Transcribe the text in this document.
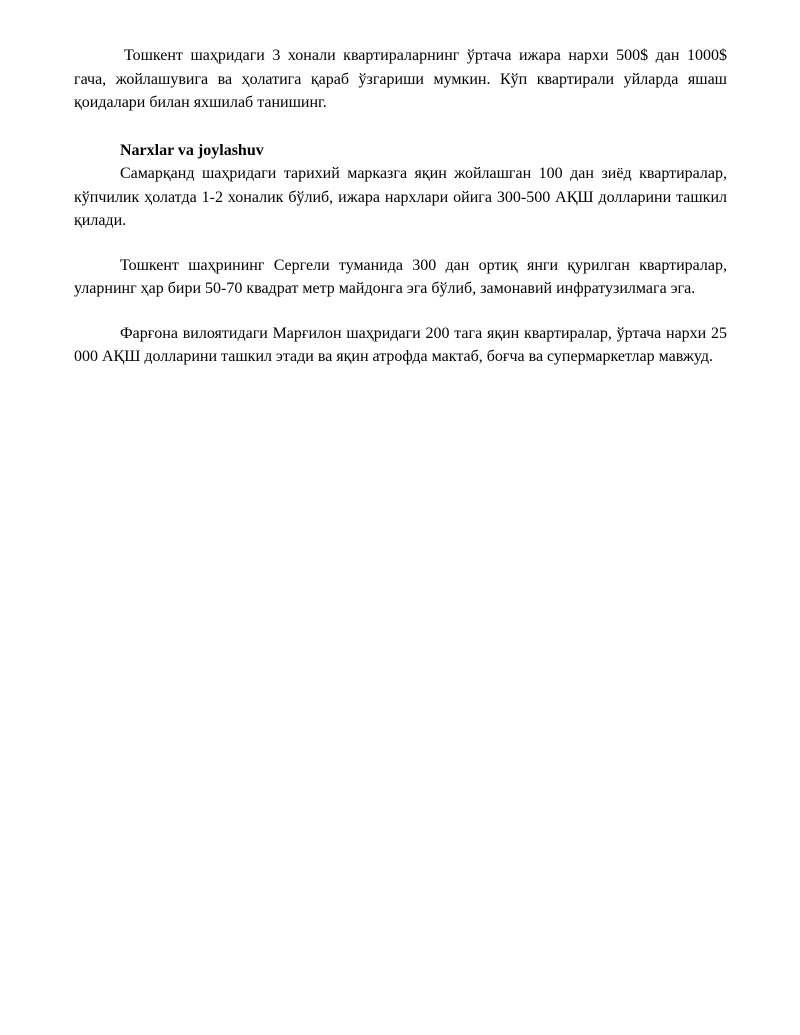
Тошкент шаҳридаги 3 хонали квартираларнинг ўртача ижара нархи 500$ дан 1000$ гача, жойлашувига ва ҳолатига қараб ўзгариши мумкин. Кўп квартирали уйларда яшаш қоидалари билан яхшилаб танишинг.

Narxlar va joylashuv

Самарқанд шаҳридаги тарихий марказга яқин жойлашган 100 дан зиёд квартиралар, кўпчилик ҳолатда 1-2 хоналик бўлиб, ижара нархлари ойига 300-500 АҚШ долларини ташкил қилади.

Тошкент шаҳрининг Сергели туманида 300 дан ортиқ янги қурилган квартиралар, уларнинг ҳар бири 50-70 квадрат метр майдонга эга бўлиб, замонавий инфратузилмага эга.

Фарғона вилоятидаги Марғилон шаҳридаги 200 тага яқин квартиралар, ўртача нархи 25 000 АҚШ долларини ташкил этади ва яқин атрофда мактаб, боғча ва супермаркетлар мавжуд.
